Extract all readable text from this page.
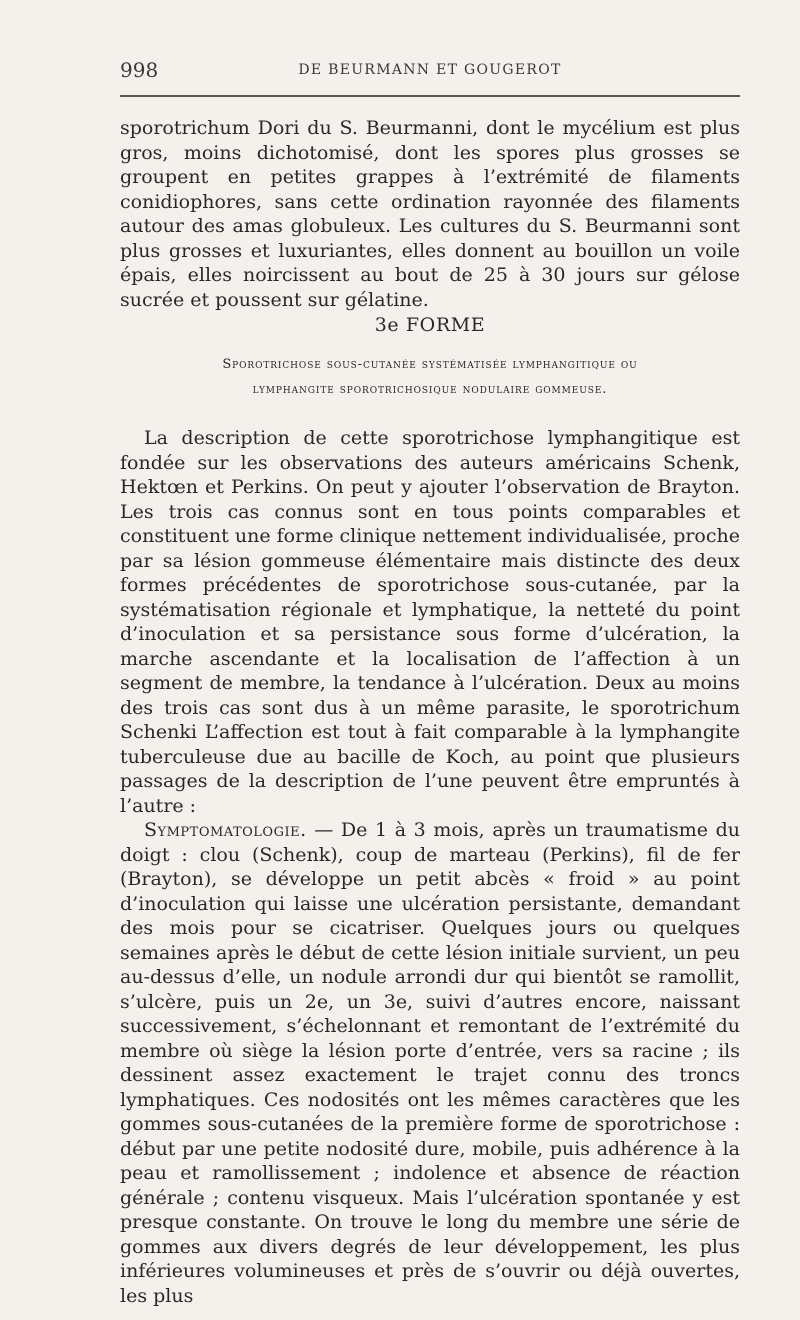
998	DE BEURMANN ET GOUGEROT

sporotrichum Dori du S. Beurmanni, dont le mycélium est plus gros, moins dichotomisé, dont les spores plus grosses se groupent en petites grappes à l’extrémité de filaments conidiophores, sans cette ordination rayonnée des filaments autour des amas globuleux. Les cultures du S. Beurmanni sont plus grosses et luxuriantes, elles donnent au bouillon un voile épais, elles noircissent au bout de 25 à 30 jours sur gélose sucrée et poussent sur gélatine.

3e FORME
Sporotrichose sous-cutanée systématisée lymphangitique ou
lymphangite sporotrichosique nodulaire gommeuse.

La description de cette sporotrichose lymphangitique est fondée sur les observations des auteurs américains Schenk, Hektœn et Perkins. On peut y ajouter l’observation de Brayton. Les trois cas connus sont en tous points comparables et constituent une forme clinique nettement individualisée, proche par sa lésion gommeuse élémentaire mais distincte des deux formes précédentes de sporotrichose sous-cutanée, par la systématisation régionale et lymphatique, la netteté du point d’inoculation et sa persistance sous forme d’ulcération, la marche ascendante et la localisation de l’affection à un segment de membre, la tendance à l’ulcération. Deux au moins des trois cas sont dus à un même parasite, le sporotrichum Schenki L’affection est tout à fait comparable à la lymphangite tuberculeuse due au bacille de Koch, au point que plusieurs passages de la description de l’une peuvent être empruntés à l’autre :

Symptomatologie. — De 1 à 3 mois, après un traumatisme du doigt : clou (Schenk), coup de marteau (Perkins), fil de fer (Brayton), se développe un petit abcès « froid » au point d’inoculation qui laisse une ulcération persistante, demandant des mois pour se cicatriser. Quelques jours ou quelques semaines après le début de cette lésion initiale survient, un peu au-dessus d’elle, un nodule arrondi dur qui bientôt se ramollit, s’ulcère, puis un 2e, un 3e, suivi d’autres encore, naissant successivement, s’échelonnant et remontant de l’extrémité du membre où siège la lésion porte d’entrée, vers sa racine ; ils dessinent assez exactement le trajet connu des troncs lymphatiques. Ces nodosités ont les mêmes caractères que les gommes sous-cutanées de la première forme de sporotrichose : début par une petite nodosité dure, mobile, puis adhérence à la peau et ramollissement ; indolence et absence de réaction générale ; contenu visqueux. Mais l’ulcération spontanée y est presque constante. On trouve le long du membre une série de gommes aux divers degrés de leur développement, les plus inférieures volumineuses et près de s’ouvrir ou déjà ouvertes, les plus
